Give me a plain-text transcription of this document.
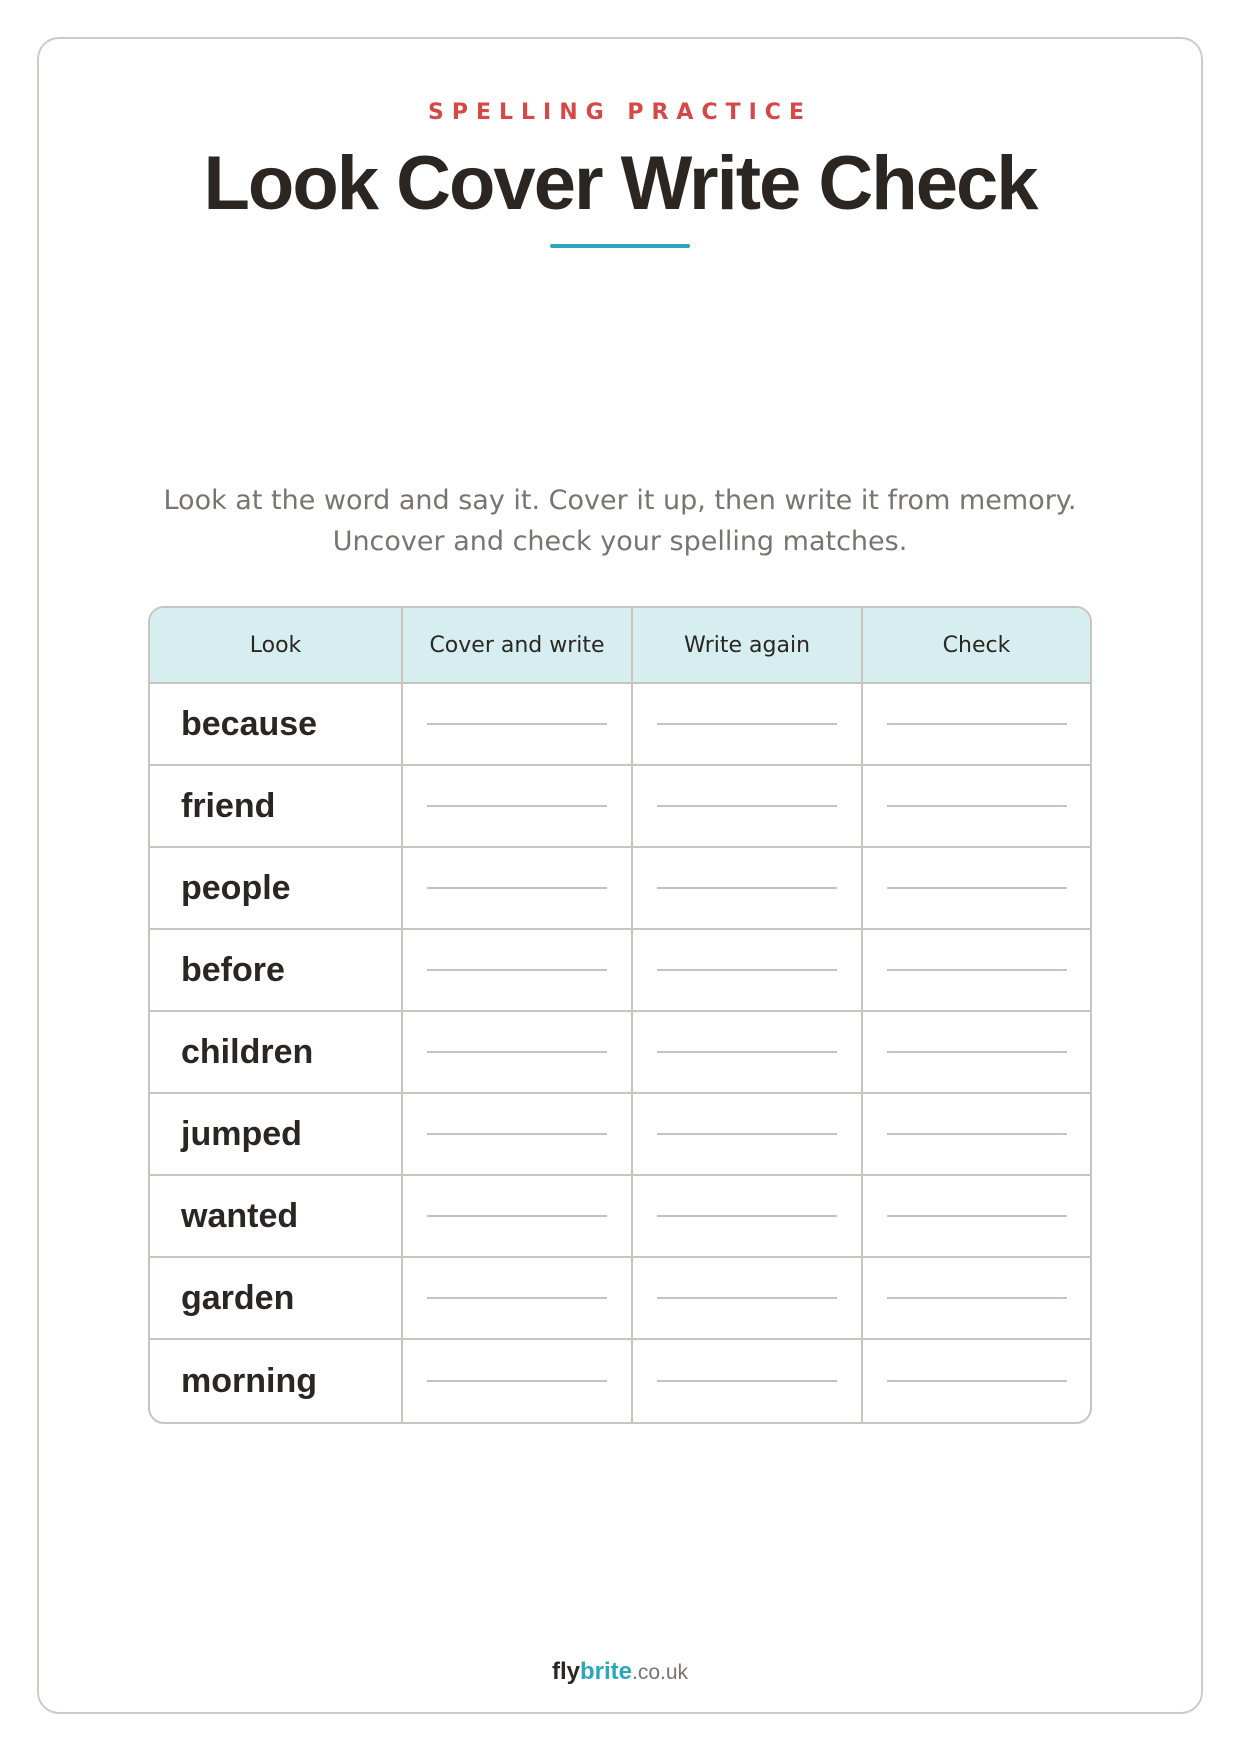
SPELLING PRACTICE
Look Cover Write Check
Look at the word and say it. Cover it up, then write it from memory.
Uncover and check your spelling matches.
Look	Cover and write	Write again	Check
because
friend
people
before
children
jumped
wanted
garden
morning
flybrite.co.uk
